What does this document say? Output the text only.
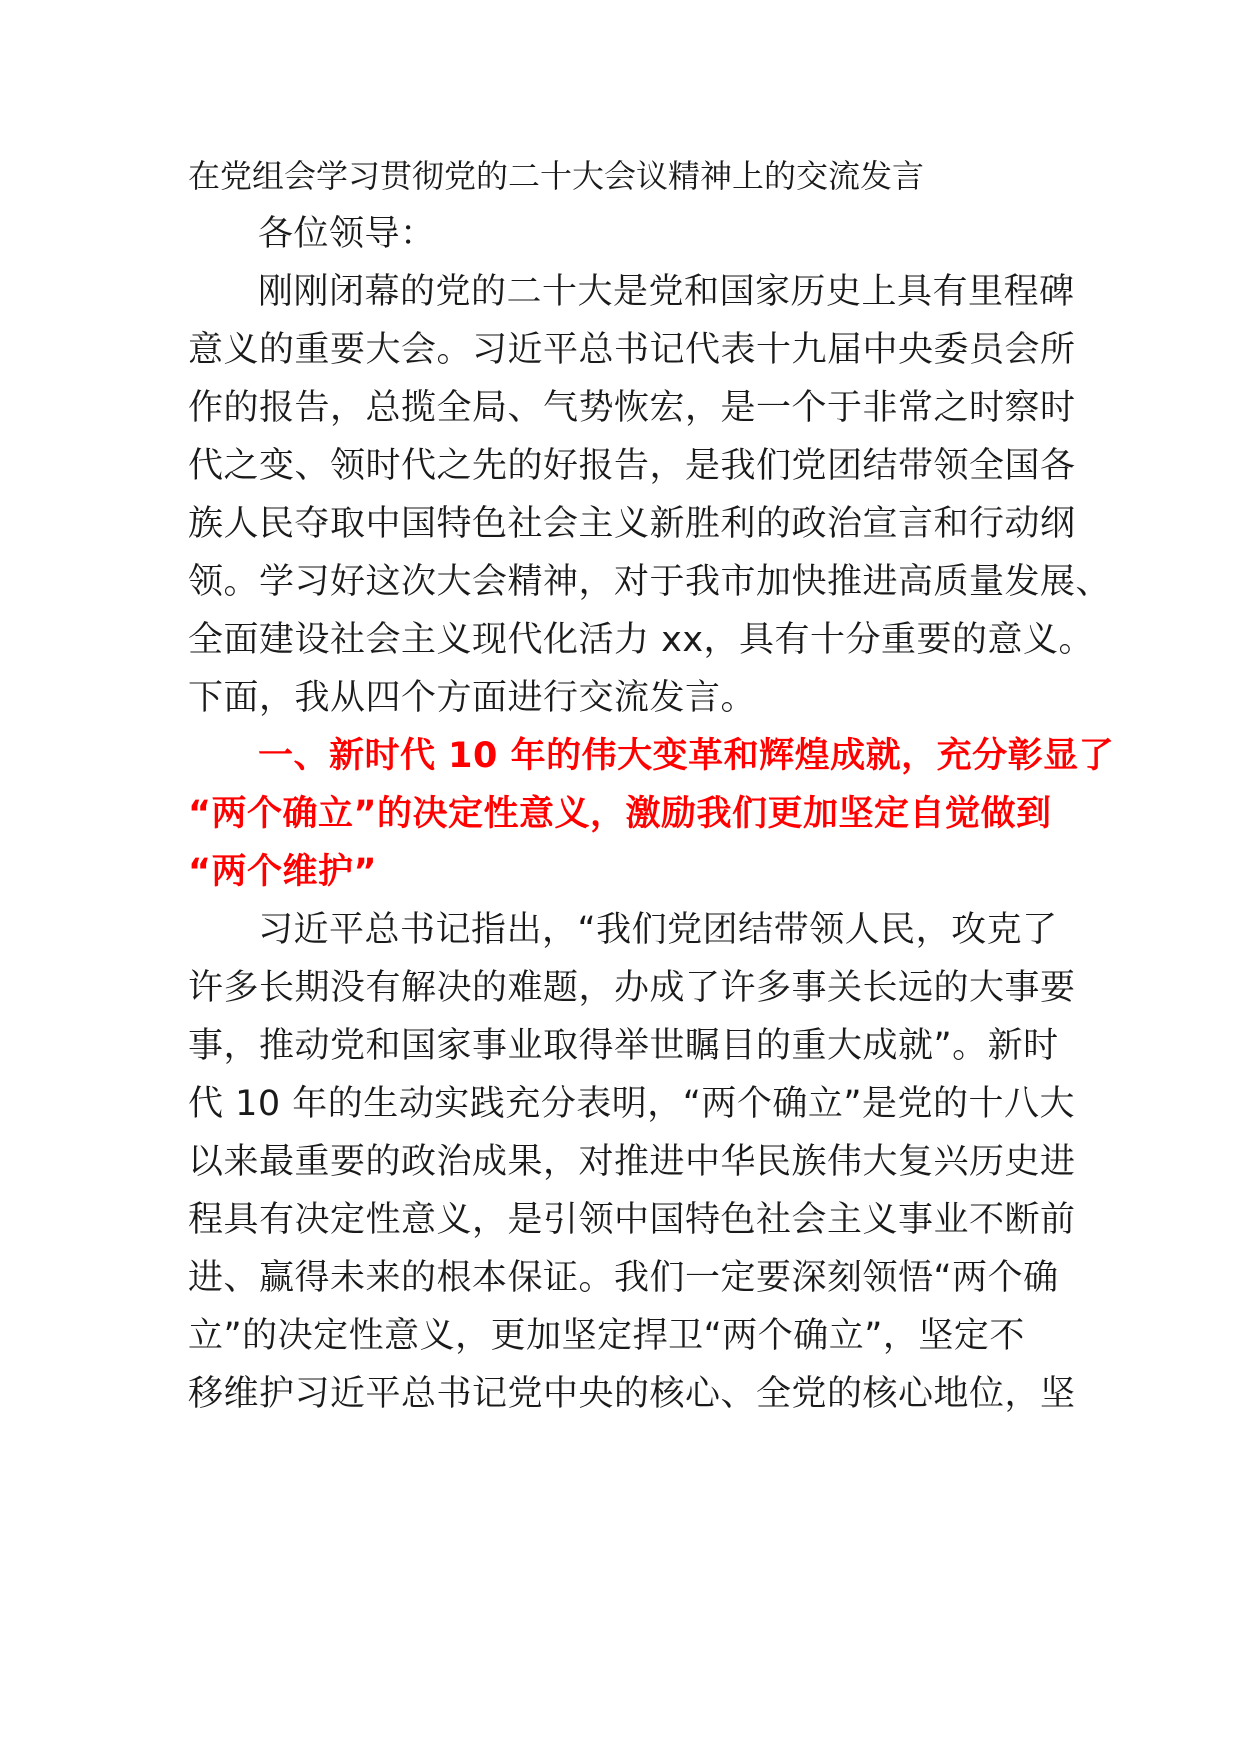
在党组会学习贯彻党的二十大会议精神上的交流发言
各位领导：
刚刚闭幕的党的二十大是党和国家历史上具有里程碑
意义的重要大会。习近平总书记代表十九届中央委员会所
作的报告，总揽全局、气势恢宏，是一个于非常之时察时
代之变、领时代之先的好报告，是我们党团结带领全国各
族人民夺取中国特色社会主义新胜利的政治宣言和行动纲
领。学习好这次大会精神，对于我市加快推进高质量发展、
全面建设社会主义现代化活力 xx，具有十分重要的意义。
下面，我从四个方面进行交流发言。
一、新时代 10 年的伟大变革和辉煌成就，充分彰显了
“两个确立”的决定性意义，激励我们更加坚定自觉做到
“两个维护”
习近平总书记指出，“我们党团结带领人民，攻克了
许多长期没有解决的难题，办成了许多事关长远的大事要
事，推动党和国家事业取得举世瞩目的重大成就”。新时
代 10 年的生动实践充分表明，“两个确立”是党的十八大
以来最重要的政治成果，对推进中华民族伟大复兴历史进
程具有决定性意义，是引领中国特色社会主义事业不断前
进、赢得未来的根本保证。我们一定要深刻领悟“两个确
立”的决定性意义，更加坚定捍卫“两个确立”，坚定不
移维护习近平总书记党中央的核心、全党的核心地位，坚
